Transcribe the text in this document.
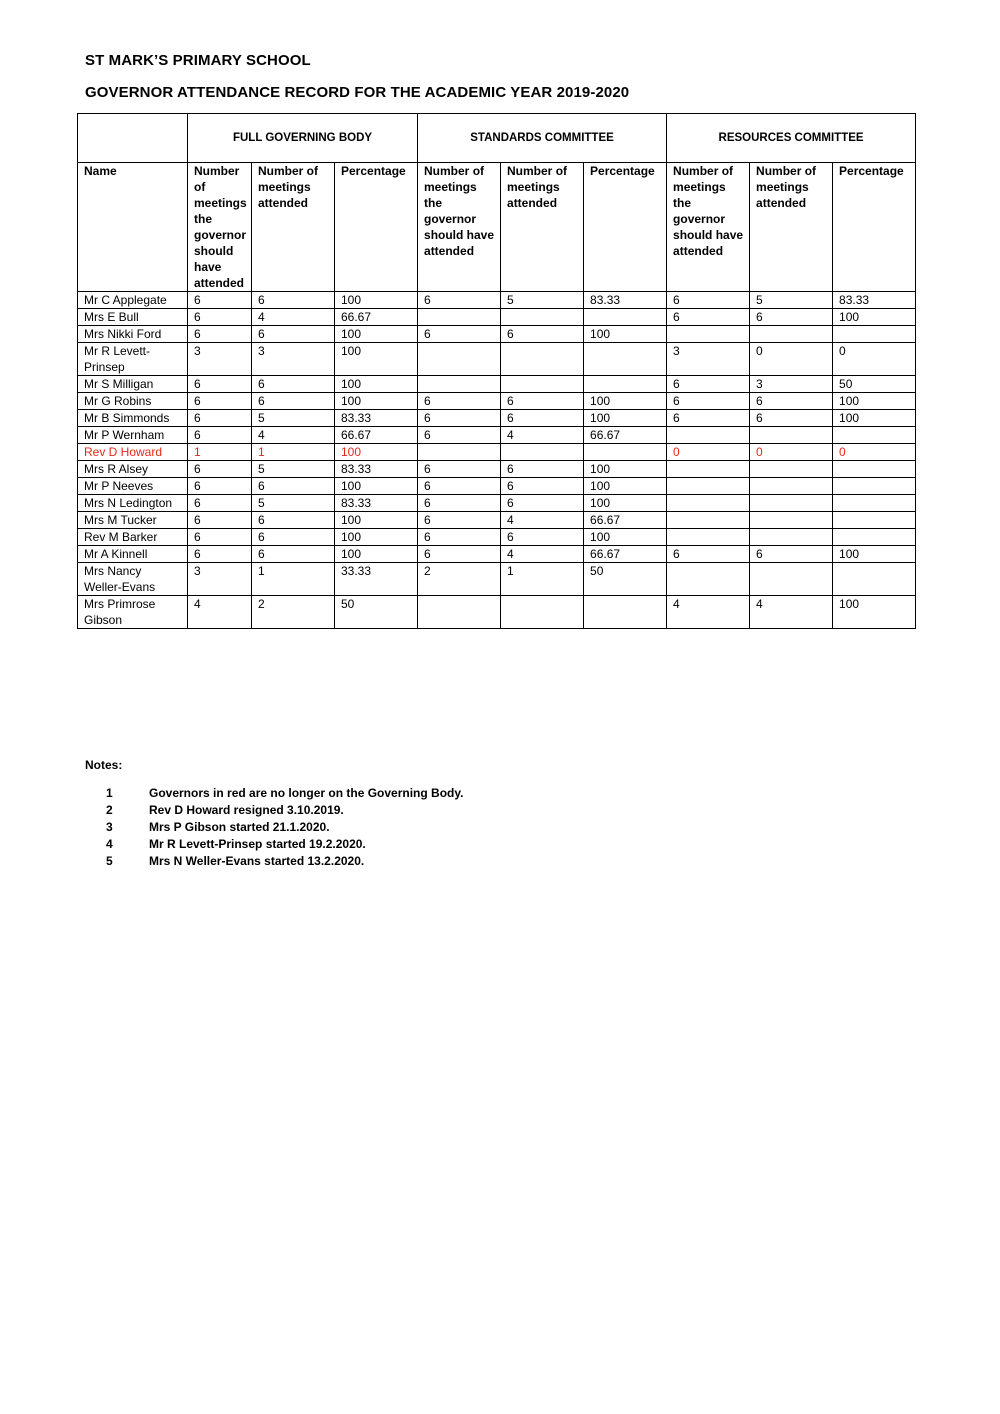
ST MARK’S PRIMARY SCHOOL
GOVERNOR ATTENDANCE RECORD FOR THE ACADEMIC YEAR 2019-2020
	FULL GOVERNING BODY			STANDARDS COMMITTEE			RESOURCES COMMITTEE		
Name	Number of meetings the governor should have attended	Number of meetings attended	Percentage	Number of meetings the governor should have attended	Number of meetings attended	Percentage	Number of meetings the governor should have attended	Number of meetings attended	Percentage
Mr C Applegate	6	6	100	6	5	83.33	6	5	83.33
Mrs E Bull	6	4	66.67				6	6	100
Mrs Nikki Ford	6	6	100	6	6	100			
Mr R Levett-Prinsep	3	3	100				3	0	0
Mr S Milligan	6	6	100				6	3	50
Mr G Robins	6	6	100	6	6	100	6	6	100
Mr B Simmonds	6	5	83.33	6	6	100	6	6	100
Mr P Wernham	6	4	66.67	6	4	66.67			
Rev D Howard	1	1	100				0	0	0
Mrs R Alsey	6	5	83.33	6	6	100			
Mr P Neeves	6	6	100	6	6	100			
Mrs N Ledington	6	5	83.33	6	6	100			
Mrs M Tucker	6	6	100	6	4	66.67			
Rev M Barker	6	6	100	6	6	100			
Mr A Kinnell	6	6	100	6	4	66.67	6	6	100
Mrs Nancy Weller-Evans	3	1	33.33	2	1	50			
Mrs Primrose Gibson	4	2	50				4	4	100
Notes:
1	Governors in red are no longer on the Governing Body.
2	Rev D Howard resigned 3.10.2019.
3	Mrs P Gibson started 21.1.2020.
4	Mr R Levett-Prinsep started 19.2.2020.
5	Mrs N Weller-Evans started 13.2.2020.
